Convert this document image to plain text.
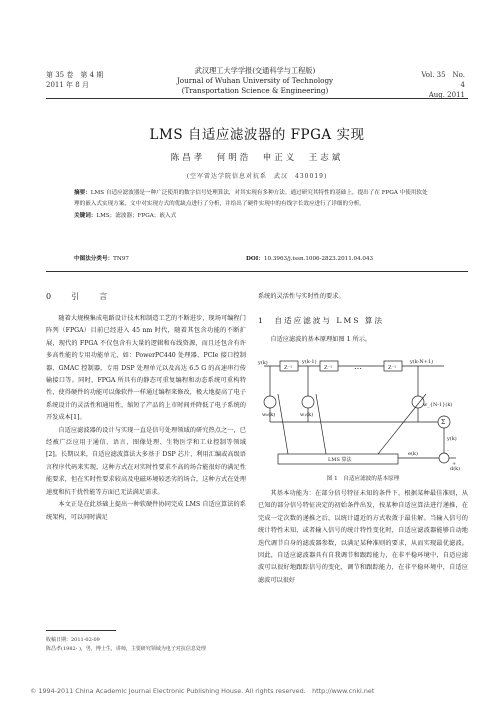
第 35 卷　第 4 期
2011 年 8 月
武汉理工大学学报(交通科学与工程版)
Journal of Wuhan University of Technology
(Transportation Science & Engineering)
Vol. 35　No. 4
Aug. 2011
LMS 自适应滤波器的 FPGA 实现
陈昌孝　何明浩　申正义　王志斌
(空军雷达学院信息对抗系　武汉　430019)
摘要：LMS 自适应滤波器是一种广泛使用的数字信号处理算法，对其实现有多种方法。通过研究其特性的基础上，提出了在 FPGA 中使用软处理的嵌入式实现方案，文中对实现方式的优缺点进行了分析，并给出了硬件实现中的有线字长效应进行了详细的分析。
关键词：LMS；滤波器；FPGA；嵌入式
中图法分类号：TN97	DOI：10.3963/j.issn.1006-2823.2011.04.043
0　引　言
随着大规模集成电路设计技术和制造工艺的不断进步，现场可编程门阵列（FPGA）目前已经进入 45 nm 时代，随着其包含功能的不断扩展，现代的 FPGA 不仅包含有大量的逻辑和布线资源，而且还包含有许多高性能的专用功能单元，如：PowerPC440 处理器、PCIe 接口控制器、GMAC 控制器，专用 DSP 处理单元以及高达 6.5 G 的高速串行传输接口等。同时，FPGA 所具有的静态可重复编程和动态系统可重构特性，使得硬件的功能可以像软件一样通过编程来修改，极大地提高了电子系统设计的灵活性和通用性，缩短了产品的上市时间并降低了电子系统的开发成本[1]。
自适应滤波器的设计与实现一直是信号处理领域的研究热点之一，已经被广泛应用于通信、语言、图像处理、生物医学和工业控制等领域[2]。长期以来，自适应滤波算法大多基于 DSP 芯片，利用汇编或高级语言程序代码来实现，这种方式在对实时性要求不高的场合能很好的满足性能要求，但在实时性要求较高及电磁环境较恶劣的场合，这种方式在处理速度和抗干扰性能等方面已无法满足需求。
本文正是在此基础上提出一种软硬件协同完成 LMS 自适应算法的系统架构，可以同时满足
系统的灵活性与实时性的要求。
1　自适应滤波与 LMS 算法
自适应滤波的基本原理如图 1 所示。
y(k)
Z⁻¹	Z⁻¹	Z⁻¹
y(k-1)	y(k-N+1)
…
w₀(k)	w₁(k)
w_{N-1}(k)
Σ
LMS 算法
e(k)
y(k)
d(k)
-
+
图 1　自适应滤波的基本原理
其基本功能为：在部分信号特征未知的条件下，根据某种最佳准则，从已知的部分信号特征决定的初始条件出发，按某种自适应算法进行递推，在完成一定次数的递推之后，以统计逼近的方式收敛于最佳解。当输入信号的统计特性未知，或者输入信号的统计特性变化时，自适应滤波器能够自动地迭代调节自身的滤波器参数，以满足某种准则的要求，从而实现最优滤波。因此，自适应滤波器具有自我调节和跟踪能力，在非平稳环境中，自适应滤波可以很好地跟踪信号的变化，调节和跟踪能力，在非平稳环境中，自适应滤波可以很好
收稿日期：2011-02-09
陈昌孝(1982- )，男，博士生，讲师，主要研究领域为电子对抗信息处理
© 1994-2011 China Academic Journal Electronic Publishing House. All rights reserved.　http://www.cnki.net
